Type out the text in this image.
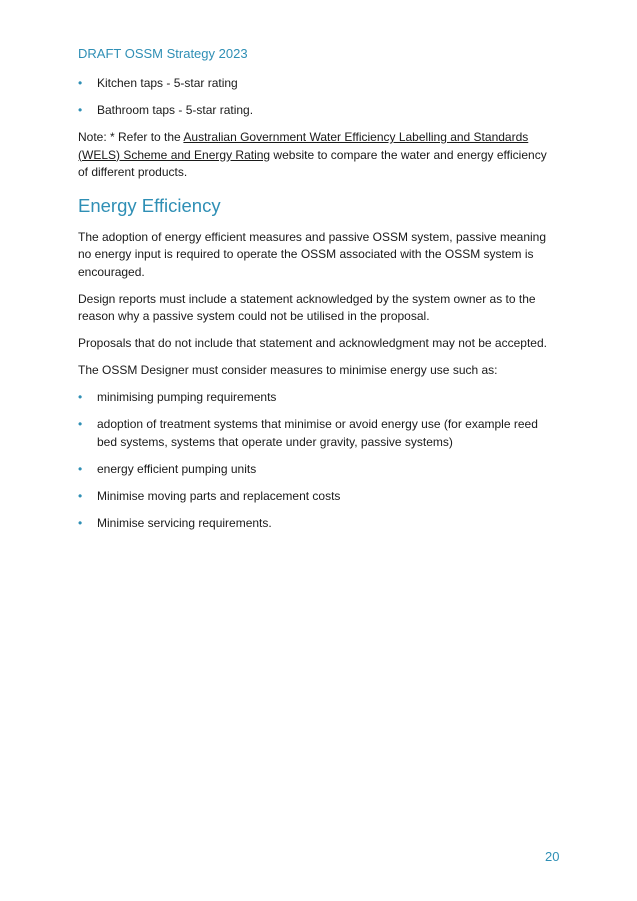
DRAFT OSSM Strategy 2023
• Kitchen taps - 5-star rating
• Bathroom taps - 5-star rating.

Note: * Refer to the Australian Government Water Efficiency Labelling and Standards (WELS) Scheme and Energy Rating website to compare the water and energy efficiency of different products.

Energy Efficiency

The adoption of energy efficient measures and passive OSSM system, passive meaning no energy input is required to operate the OSSM associated with the OSSM system is encouraged.

Design reports must include a statement acknowledged by the system owner as to the reason why a passive system could not be utilised in the proposal.

Proposals that do not include that statement and acknowledgment may not be accepted.

The OSSM Designer must consider measures to minimise energy use such as:

• minimising pumping requirements
• adoption of treatment systems that minimise or avoid energy use (for example reed bed systems, systems that operate under gravity, passive systems)
• energy efficient pumping units
• Minimise moving parts and replacement costs
• Minimise servicing requirements.
20
